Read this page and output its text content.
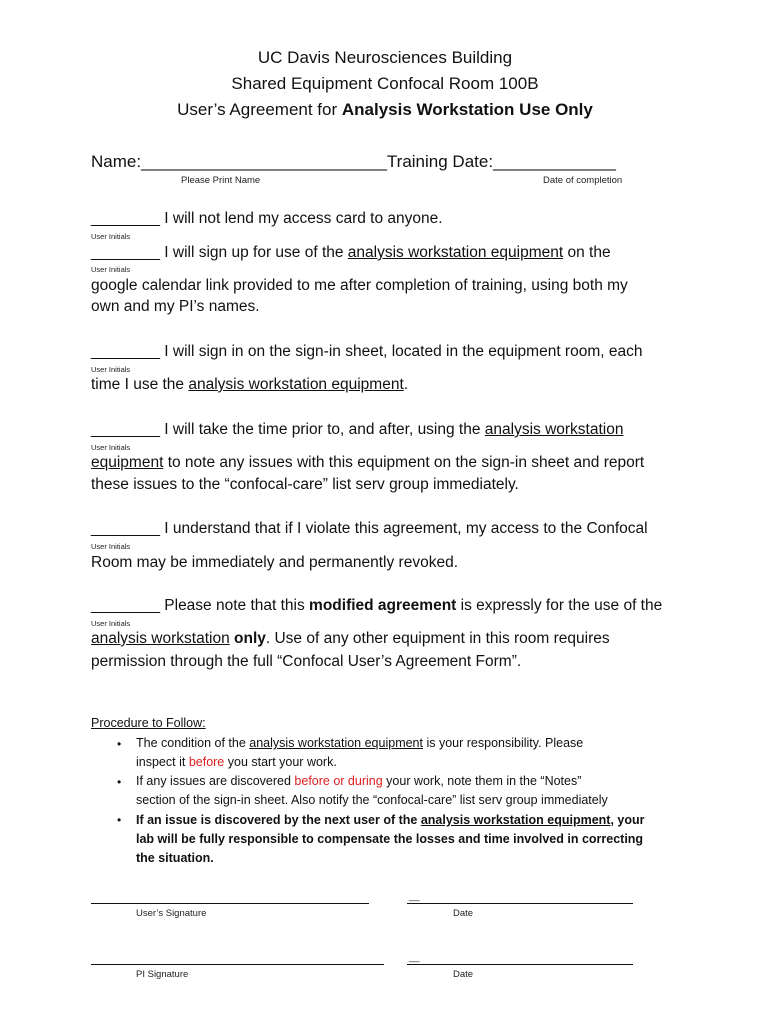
UC Davis Neurosciences Building
Shared Equipment Confocal Room 100B
User’s Agreement for Analysis Workstation Use Only
Name:__________________________Training Date:_____________
Please Print Name	Date of completion
________ I will not lend my access card to anyone.
User Initials
________ I will sign up for use of the analysis workstation equipment on the
User Initials
google calendar link provided to me after completion of training, using both my
own and my PI’s names.
________ I will sign in on the sign-in sheet, located in the equipment room, each
User Initials
time I use the analysis workstation equipment.
________ I will take the time prior to, and after, using the analysis workstation
User Initials
equipment to note any issues with this equipment on the sign-in sheet and report
these issues to the “confocal-care” list serv group immediately.
________ I understand that if I violate this agreement, my access to the Confocal
User Initials
Room may be immediately and permanently revoked.
________ Please note that this modified agreement is expressly for the use of the
User Initials
analysis workstation only. Use of any other equipment in this room requires
permission through the full “Confocal User’s Agreement Form”.
Procedure to Follow:
• The condition of the analysis workstation equipment is your responsibility. Please
inspect it before you start your work.
• If any issues are discovered before or during your work, note them in the “Notes”
section of the sign-in sheet. Also notify the “confocal-care” list serv group immediately
• If an issue is discovered by the next user of the analysis workstation equipment, your
lab will be fully responsible to compensate the losses and time involved in correcting
the situation.
__
User’s Signature	Date
__
PI Signature	Date
